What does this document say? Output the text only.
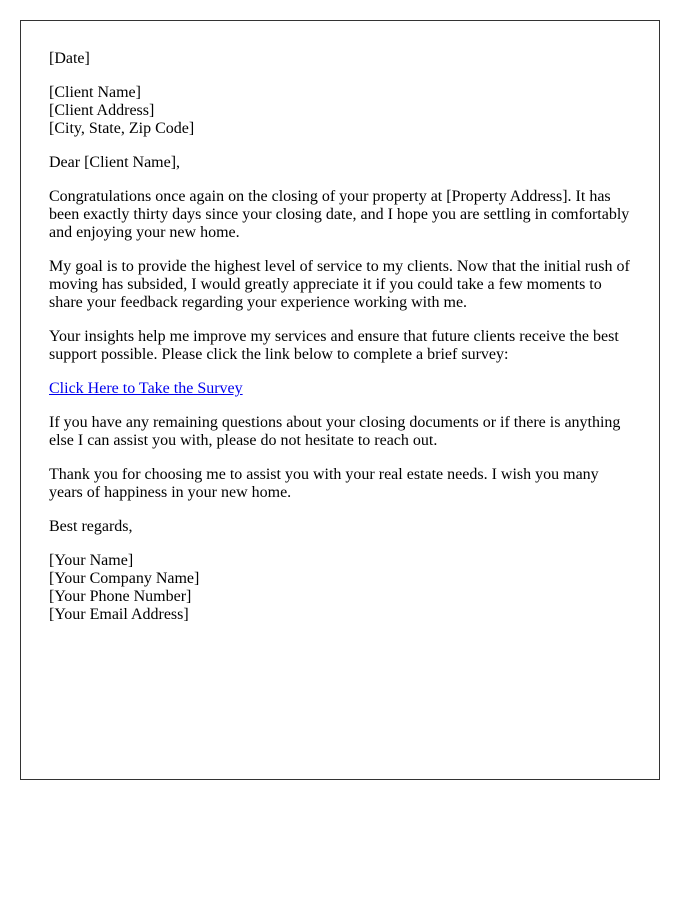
[Date]

[Client Name]
[Client Address]
[City, State, Zip Code]

Dear [Client Name],

Congratulations once again on the closing of your property at [Property Address]. It has been exactly thirty days since your closing date, and I hope you are settling in comfortably and enjoying your new home.

My goal is to provide the highest level of service to my clients. Now that the initial rush of moving has subsided, I would greatly appreciate it if you could take a few moments to share your feedback regarding your experience working with me.

Your insights help me improve my services and ensure that future clients receive the best support possible. Please click the link below to complete a brief survey:

Click Here to Take the Survey

If you have any remaining questions about your closing documents or if there is anything else I can assist you with, please do not hesitate to reach out.

Thank you for choosing me to assist you with your real estate needs. I wish you many years of happiness in your new home.

Best regards,

[Your Name]
[Your Company Name]
[Your Phone Number]
[Your Email Address]
